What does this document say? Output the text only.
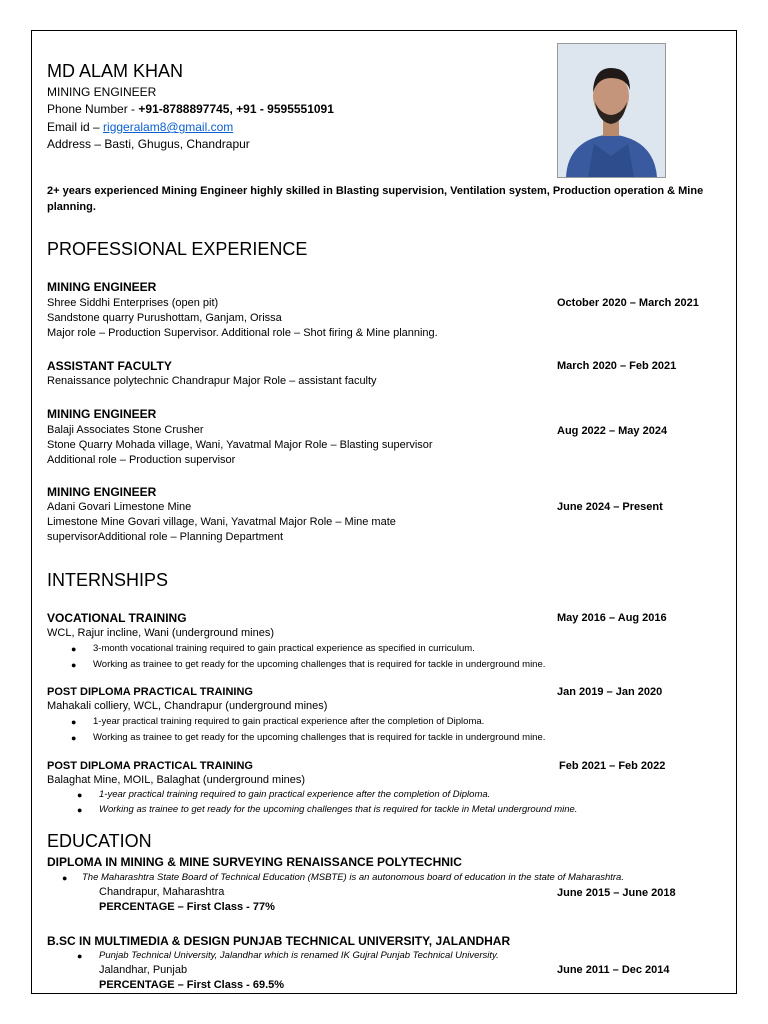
MD ALAM KHAN
MINING ENGINEER
Phone Number - +91-8788897745, +91 - 9595551091
Email id – riggeralam8@gmail.com
Address – Basti, Ghugus, Chandrapur
2+ years experienced Mining Engineer highly skilled in Blasting supervision, Ventilation system, Production operation & Mine planning.
PROFESSIONAL EXPERIENCE
MINING ENGINEER
Shree Siddhi Enterprises (open pit)	October 2020 – March 2021
Sandstone quarry Purushottam, Ganjam, Orissa
Major role – Production Supervisor. Additional role – Shot firing & Mine planning.
ASSISTANT FACULTY	March 2020 – Feb 2021
Renaissance polytechnic Chandrapur Major Role – assistant faculty
MINING ENGINEER
Balaji Associates Stone Crusher	Aug 2022 – May 2024
Stone Quarry Mohada village, Wani, Yavatmal Major Role – Blasting supervisor
Additional role – Production supervisor
MINING ENGINEER
Adani Govari Limestone Mine	June 2024 – Present
Limestone Mine Govari village, Wani, Yavatmal Major Role – Mine mate
supervisorAdditional role – Planning Department
INTERNSHIPS
VOCATIONAL TRAINING	May 2016 – Aug 2016
WCL, Rajur incline, Wani (underground mines)
● 3-month vocational training required to gain practical experience as specified in curriculum.
● Working as trainee to get ready for the upcoming challenges that is required for tackle in underground mine.
POST DIPLOMA PRACTICAL TRAINING	Jan 2019 – Jan 2020
Mahakali colliery, WCL, Chandrapur (underground mines)
● 1-year practical training required to gain practical experience after the completion of Diploma.
● Working as trainee to get ready for the upcoming challenges that is required for tackle in underground mine.
POST DIPLOMA PRACTICAL TRAINING	Feb 2021 – Feb 2022
Balaghat Mine, MOIL, Balaghat (underground mines)
● 1-year practical training required to gain practical experience after the completion of Diploma.
● Working as trainee to get ready for the upcoming challenges that is required for tackle in Metal underground mine.
EDUCATION
DIPLOMA IN MINING & MINE SURVEYING RENAISSANCE POLYTECHNIC
● The Maharashtra State Board of Technical Education (MSBTE) is an autonomous board of education in the state of Maharashtra.
Chandrapur, Maharashtra	June 2015 – June 2018
PERCENTAGE – First Class - 77%
B.SC IN MULTIMEDIA & DESIGN PUNJAB TECHNICAL UNIVERSITY, JALANDHAR
● Punjab Technical University, Jalandhar which is renamed IK Gujral Punjab Technical University.
Jalandhar, Punjab	June 2011 – Dec 2014
PERCENTAGE – First Class - 69.5%
